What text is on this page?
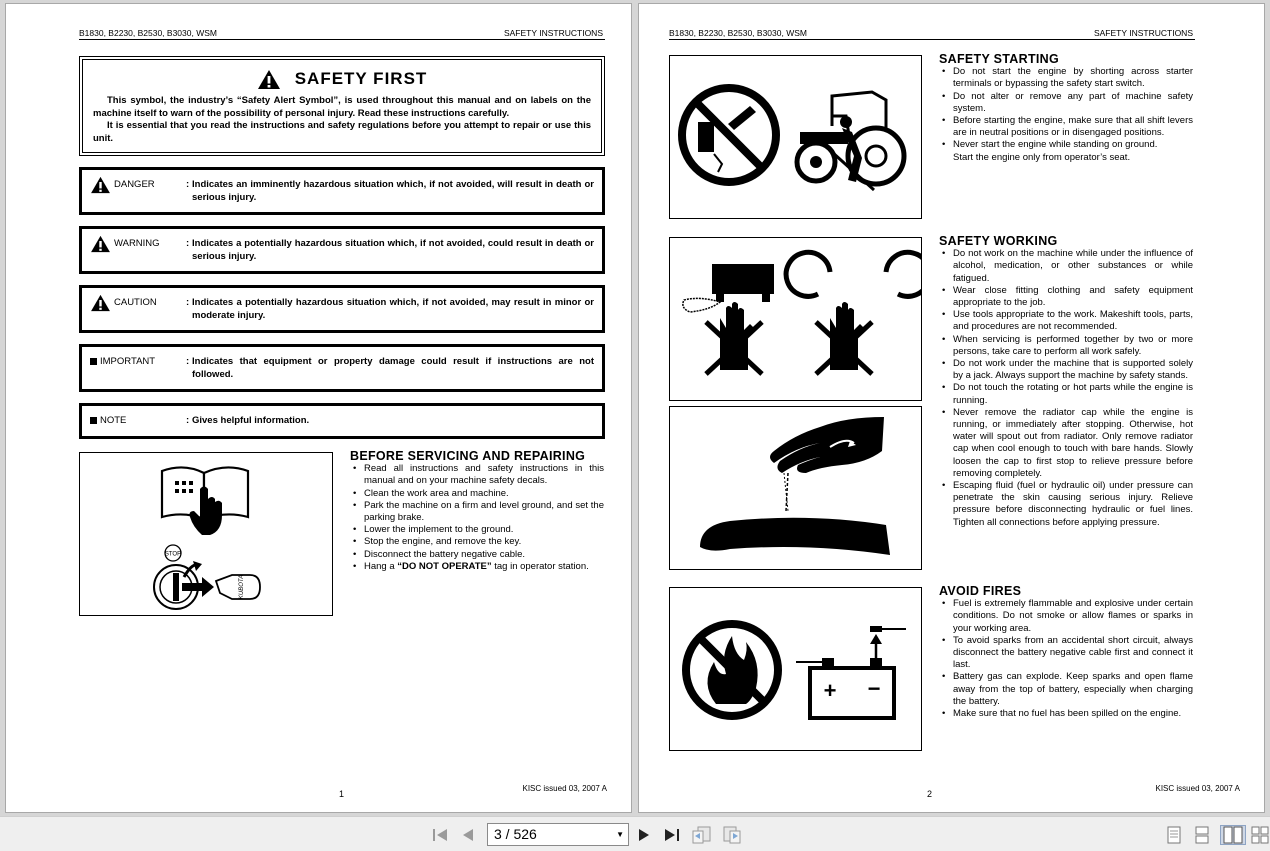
B1830, B2230, B2530, B3030, WSM	SAFETY INSTRUCTIONS
SAFETY FIRST

This symbol, the industry’s “Safety Alert Symbol”, is used throughout this manual and on labels on the machine itself to warn of the possibility of personal injury. Read these instructions carefully.

It is essential that you read the instructions and safety regulations before you attempt to repair or use this unit.

DANGER	: Indicates an imminently hazardous situation which, if not avoided, will result in death or serious injury.
WARNING	: Indicates a potentially hazardous situation which, if not avoided, could result in death or serious injury.
CAUTION	: Indicates a potentially hazardous situation which, if not avoided, may result in minor or moderate injury.
IMPORTANT	: Indicates that equipment or property damage could result if instructions are not followed.
NOTE	: Gives helpful information.
STOP
KUBOTA
BEFORE SERVICING AND REPAIRING
• Read all instructions and safety instructions in this manual and on your machine safety decals.
• Clean the work area and machine.
• Park the machine on a firm and level ground, and set the parking brake.
• Lower the implement to the ground.
• Stop the engine, and remove the key.
• Disconnect the battery negative cable.
• Hang a “DO NOT OPERATE” tag in operator station.
1
KISC issued 03, 2007 A
B1830, B2230, B2530, B3030, WSM	SAFETY INSTRUCTIONS
SAFETY STARTING
• Do not start the engine by shorting across starter terminals or bypassing the safety start switch.
• Do not alter or remove any part of machine safety system.
• Before starting the engine, make sure that all shift levers are in neutral positions or in disengaged positions.
• Never start the engine while standing on ground.
Start the engine only from operator’s seat.
SAFETY WORKING
• Do not work on the machine while under the influence of alcohol, medication, or other substances or while fatigued.
• Wear close fitting clothing and safety equipment appropriate to the job.
• Use tools appropriate to the work. Makeshift tools, parts, and procedures are not recommended.
• When servicing is performed together by two or more persons, take care to perform all work safely.
• Do not work under the machine that is supported solely by a jack. Always support the machine by safety stands.
• Do not touch the rotating or hot parts while the engine is running.
• Never remove the radiator cap while the engine is running, or immediately after stopping. Otherwise, hot water will spout out from radiator. Only remove radiator cap when cool enough to touch with bare hands. Slowly loosen the cap to first stop to relieve pressure before removing completely.
• Escaping fluid (fuel or hydraulic oil) under pressure can penetrate the skin causing serious injury. Relieve pressure before disconnecting hydraulic or fuel lines. Tighten all connections before applying pressure.
+ −
AVOID FIRES
• Fuel is extremely flammable and explosive under certain conditions. Do not smoke or allow flames or sparks in your working area.
• To avoid sparks from an accidental short circuit, always disconnect the battery negative cable first and connect it last.
• Battery gas can explode. Keep sparks and open flame away from the top of battery, especially when charging the battery.
• Make sure that no fuel has been spilled on the engine.
2
KISC issued 03, 2007 A
3 / 526	▼
